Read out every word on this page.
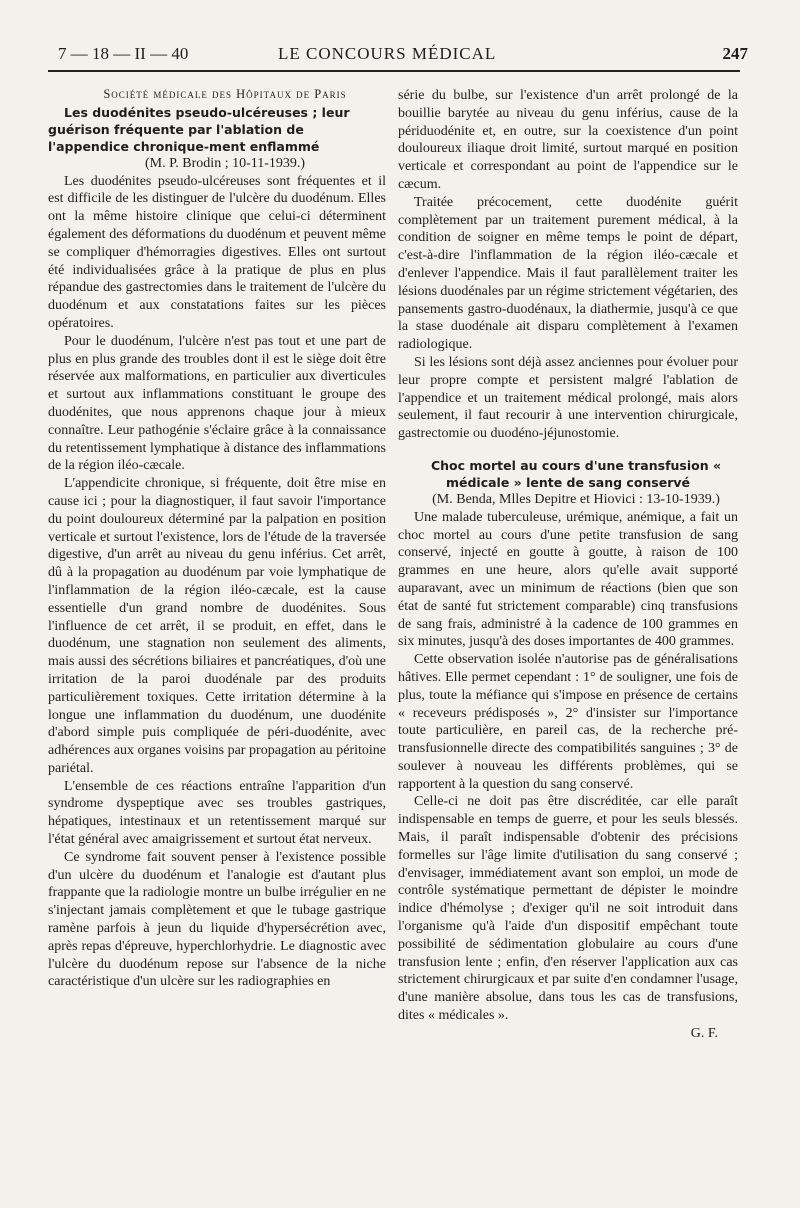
7 — 18 — II — 40	LE CONCOURS MÉDICAL	247

Société médicale des Hôpitaux de Paris

Les duodénites pseudo-ulcéreuses ; leur guérison fréquente par l'ablation de l'appendice chronique-ment enflammé

(M. P. Brodin ; 10-11-1939.)

Les duodénites pseudo-ulcéreuses sont fréquentes et il est difficile de les distinguer de l'ulcère du duodénum. Elles ont la même histoire clinique que celui-ci déterminent également des déformations du duodénum et peuvent même se compliquer d'hémorragies digestives. Elles ont surtout été individualisées grâce à la pratique de plus en plus répandue des gastrectomies dans le traitement de l'ulcère du duodénum et aux constatations faites sur les pièces opératoires.

Pour le duodénum, l'ulcère n'est pas tout et une part de plus en plus grande des troubles dont il est le siège doit être réservée aux malformations, en particulier aux diverticules et surtout aux inflammations constituant le groupe des duodénites, que nous apprenons chaque jour à mieux connaître. Leur pathogénie s'éclaire grâce à la connaissance du retentissement lymphatique à distance des inflammations de la région iléo-cæcale.

L'appendicite chronique, si fréquente, doit être mise en cause ici ; pour la diagnostiquer, il faut savoir l'importance du point douloureux déterminé par la palpation en position verticale et surtout l'existence, lors de l'étude de la traversée digestive, d'un arrêt au niveau du genu inférius. Cet arrêt, dû à la propagation au duodénum par voie lymphatique de l'inflammation de la région iléo-cæcale, est la cause essentielle d'un grand nombre de duodénites. Sous l'influence de cet arrêt, il se produit, en effet, dans le duodénum, une stagnation non seulement des aliments, mais aussi des sécrétions biliaires et pancréatiques, d'où une irritation de la paroi duodénale par des produits particulièrement toxiques. Cette irritation détermine à la longue une inflammation du duodénum, une duodénite d'abord simple puis compliquée de péri-duodénite, avec adhérences aux organes voisins par propagation au péritoine pariétal.

L'ensemble de ces réactions entraîne l'apparition d'un syndrome dyspeptique avec ses troubles gastriques, hépatiques, intestinaux et un retentissement marqué sur l'état général avec amaigrissement et surtout état nerveux.

Ce syndrome fait souvent penser à l'existence possible d'un ulcère du duodénum et l'analogie est d'autant plus frappante que la radiologie montre un bulbe irrégulier en ne s'injectant jamais complètement et que le tubage gastrique ramène parfois à jeun du liquide d'hypersécrétion avec, après repas d'épreuve, hyperchlorhydrie. Le diagnostic avec l'ulcère du duodénum repose sur l'absence de la niche caractéristique d'un ulcère sur les radiographies en

série du bulbe, sur l'existence d'un arrêt prolongé de la bouillie barytée au niveau du genu inférius, cause de la périduodénite et, en outre, sur la coexistence d'un point douloureux iliaque droit limité, surtout marqué en position verticale et correspondant au point de l'appendice sur le cæcum.

Traitée précocement, cette duodénite guérit complètement par un traitement purement médical, à la condition de soigner en même temps le point de départ, c'est-à-dire l'inflammation de la région iléo-cæcale et d'enlever l'appendice. Mais il faut parallèlement traiter les lésions duodénales par un régime strictement végétarien, des pansements gastro-duodénaux, la diathermie, jusqu'à ce que la stase duodénale ait disparu complètement à l'examen radiologique.

Si les lésions sont déjà assez anciennes pour évoluer pour leur propre compte et persistent malgré l'ablation de l'appendice et un traitement médical prolongé, mais alors seulement, il faut recourir à une intervention chirurgicale, gastrectomie ou duodéno-jéjunostomie.

Choc mortel au cours d'une transfusion « médicale » lente de sang conservé

(M. Benda, Mlles Depitre et Hiovici : 13-10-1939.)

Une malade tuberculeuse, urémique, anémique, a fait un choc mortel au cours d'une petite transfusion de sang conservé, injecté en goutte à goutte, à raison de 100 grammes en une heure, alors qu'elle avait supporté auparavant, avec un minimum de réactions (bien que son état de santé fut strictement comparable) cinq transfusions de sang frais, administré à la cadence de 100 grammes en six minutes, jusqu'à des doses importantes de 400 grammes.

Cette observation isolée n'autorise pas de généralisations hâtives. Elle permet cependant : 1° de souligner, une fois de plus, toute la méfiance qui s'impose en présence de certains « receveurs prédisposés », 2° d'insister sur l'importance toute particulière, en pareil cas, de la recherche pré-transfusionnelle directe des compatibilités sanguines ; 3° de soulever à nouveau les différents problèmes, qui se rapportent à la question du sang conservé.

Celle-ci ne doit pas être discréditée, car elle paraît indispensable en temps de guerre, et pour les seuls blessés. Mais, il paraît indispensable d'obtenir des précisions formelles sur l'âge limite d'utilisation du sang conservé ; d'envisager, immédiatement avant son emploi, un mode de contrôle systématique permettant de dépister le moindre indice d'hémolyse ; d'exiger qu'il ne soit introduit dans l'organisme qu'à l'aide d'un dispositif empêchant toute possibilité de sédimentation globulaire au cours d'une transfusion lente ; enfin, d'en réserver l'application aux cas strictement chirurgicaux et par suite d'en condamner l'usage, d'une manière absolue, dans tous les cas de transfusions, dites « médicales ».

G. F.
